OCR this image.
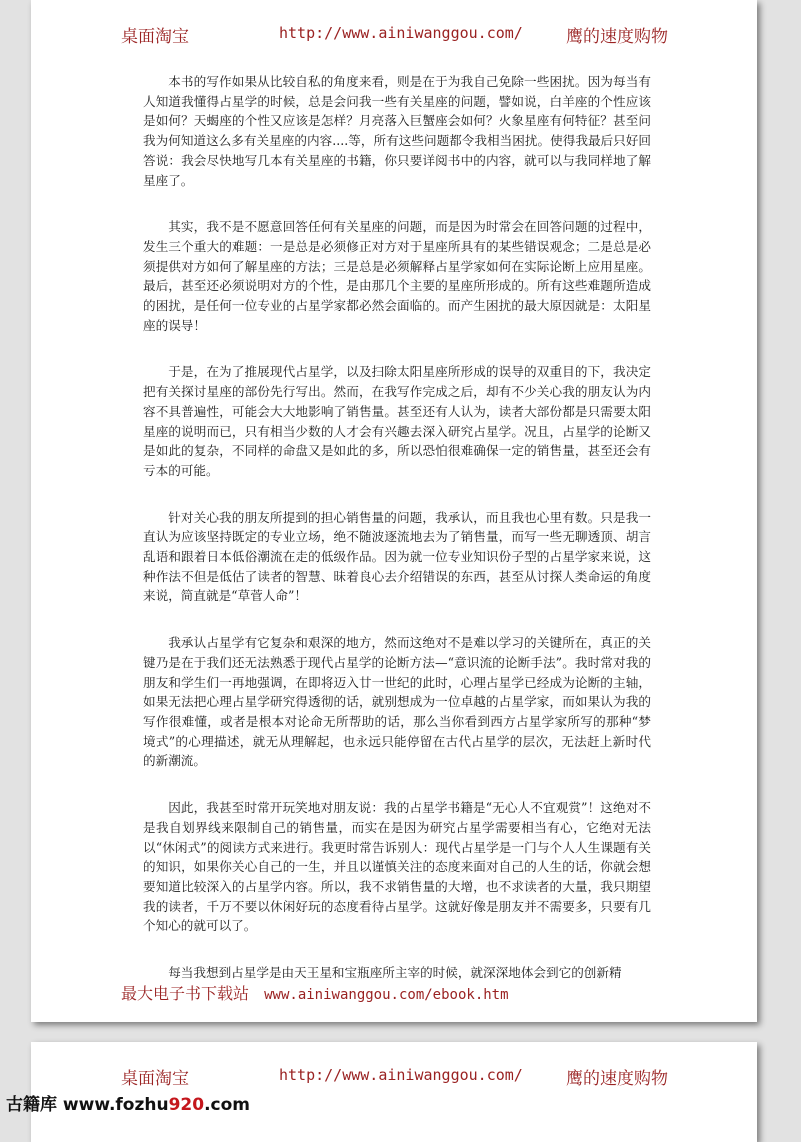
桌面淘宝	http://www.ainiwanggou.com/	鹰的速度购物

本书的写作如果从比较自私的角度来看，则是在于为我自己免除一些困扰。因为每当有人知道我懂得占星学的时候，总是会问我一些有关星座的问题，譬如说，白羊座的个性应该是如何？天蝎座的个性又应该是怎样？月亮落入巨蟹座会如何？火象星座有何特征？甚至问我为何知道这么多有关星座的内容....等，所有这些问题都令我相当困扰。使得我最后只好回答说：我会尽快地写几本有关星座的书籍，你只要详阅书中的内容，就可以与我同样地了解星座了。

其实，我不是不愿意回答任何有关星座的问题，而是因为时常会在回答问题的过程中，发生三个重大的难题：一是总是必须修正对方对于星座所具有的某些错误观念；二是总是必须提供对方如何了解星座的方法；三是总是必须解释占星学家如何在实际论断上应用星座。最后，甚至还必须说明对方的个性，是由那几个主要的星座所形成的。所有这些难题所造成的困扰，是任何一位专业的占星学家都必然会面临的。而产生困扰的最大原因就是：太阳星座的误导！

于是，在为了推展现代占星学，以及扫除太阳星座所形成的误导的双重目的下，我决定把有关探讨星座的部份先行写出。然而，在我写作完成之后，却有不少关心我的朋友认为内容不具普遍性，可能会大大地影响了销售量。甚至还有人认为，读者大部份都是只需要太阳星座的说明而已，只有相当少数的人才会有兴趣去深入研究占星学。况且，占星学的论断又是如此的复杂，不同样的命盘又是如此的多，所以恐怕很难确保一定的销售量，甚至还会有亏本的可能。

针对关心我的朋友所提到的担心销售量的问题，我承认，而且我也心里有数。只是我一直认为应该坚持既定的专业立场，绝不随波逐流地去为了销售量，而写一些无聊透顶、胡言乱语和跟着日本低俗潮流在走的低级作品。因为就一位专业知识份子型的占星学家来说，这种作法不但是低估了读者的智慧、昧着良心去介绍错误的东西，甚至从讨探人类命运的角度来说，简直就是“草菅人命”！

我承认占星学有它复杂和艰深的地方，然而这绝对不是难以学习的关键所在，真正的关键乃是在于我们还无法熟悉于现代占星学的论断方法—“意识流的论断手法”。我时常对我的朋友和学生们一再地强调，在即将迈入廿一世纪的此时，心理占星学已经成为论断的主轴，如果无法把心理占星学研究得透彻的话，就别想成为一位卓越的占星学家，而如果认为我的写作很难懂，或者是根本对论命无所帮助的话，那么当你看到西方占星学家所写的那种“梦境式”的心理描述，就无从理解起，也永远只能停留在古代占星学的层次，无法赶上新时代的新潮流。

因此，我甚至时常开玩笑地对朋友说：我的占星学书籍是“无心人不宜观赏”！这绝对不是我自划界线来限制自己的销售量，而实在是因为研究占星学需要相当有心，它绝对无法以“休闲式”的阅读方式来进行。我更时常告诉别人：现代占星学是一门与个人人生课题有关的知识，如果你关心自己的一生，并且以谨慎关注的态度来面对自己的人生的话，你就会想要知道比较深入的占星学内容。所以，我不求销售量的大增，也不求读者的大量，我只期望我的读者，千万不要以休闲好玩的态度看待占星学。这就好像是朋友并不需要多，只要有几个知心的就可以了。

每当我想到占星学是由天王星和宝瓶座所主宰的时候，就深深地体会到它的创新精

最大电子书下载站 www.ainiwanggou.com/ebook.htm
桌面淘宝	http://www.ainiwanggou.com/	鹰的速度购物
古籍库 www.fozhu920.com
